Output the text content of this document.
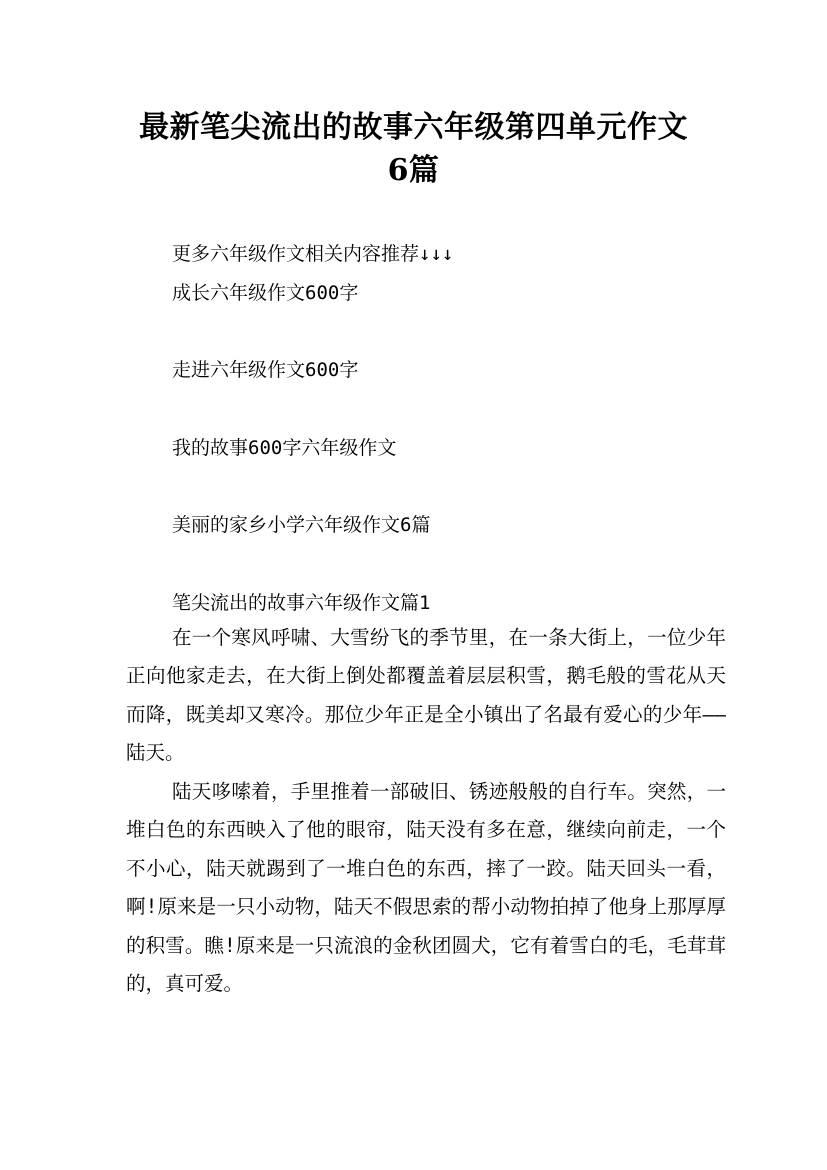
最新笔尖流出的故事六年级第四单元作文
6篇
更多六年级作文相关内容推荐↓↓↓
成长六年级作文600字
走进六年级作文600字
我的故事600字六年级作文
美丽的家乡小学六年级作文6篇
笔尖流出的故事六年级作文篇1
在一个寒风呼啸、大雪纷飞的季节里，在一条大街上，一位少年正向他家走去，在大街上倒处都覆盖着层层积雪，鹅毛般的雪花从天而降，既美却又寒冷。那位少年正是全小镇出了名最有爱心的少年——陆天。
陆天哆嗦着，手里推着一部破旧、锈迹般般的自行车。突然，一堆白色的东西映入了他的眼帘，陆天没有多在意，继续向前走，一个不小心，陆天就踢到了一堆白色的东西，摔了一跤。陆天回头一看，啊!原来是一只小动物，陆天不假思索的帮小动物拍掉了他身上那厚厚的积雪。瞧!原来是一只流浪的金秋团圆犬，它有着雪白的毛，毛茸茸的，真可爱。
